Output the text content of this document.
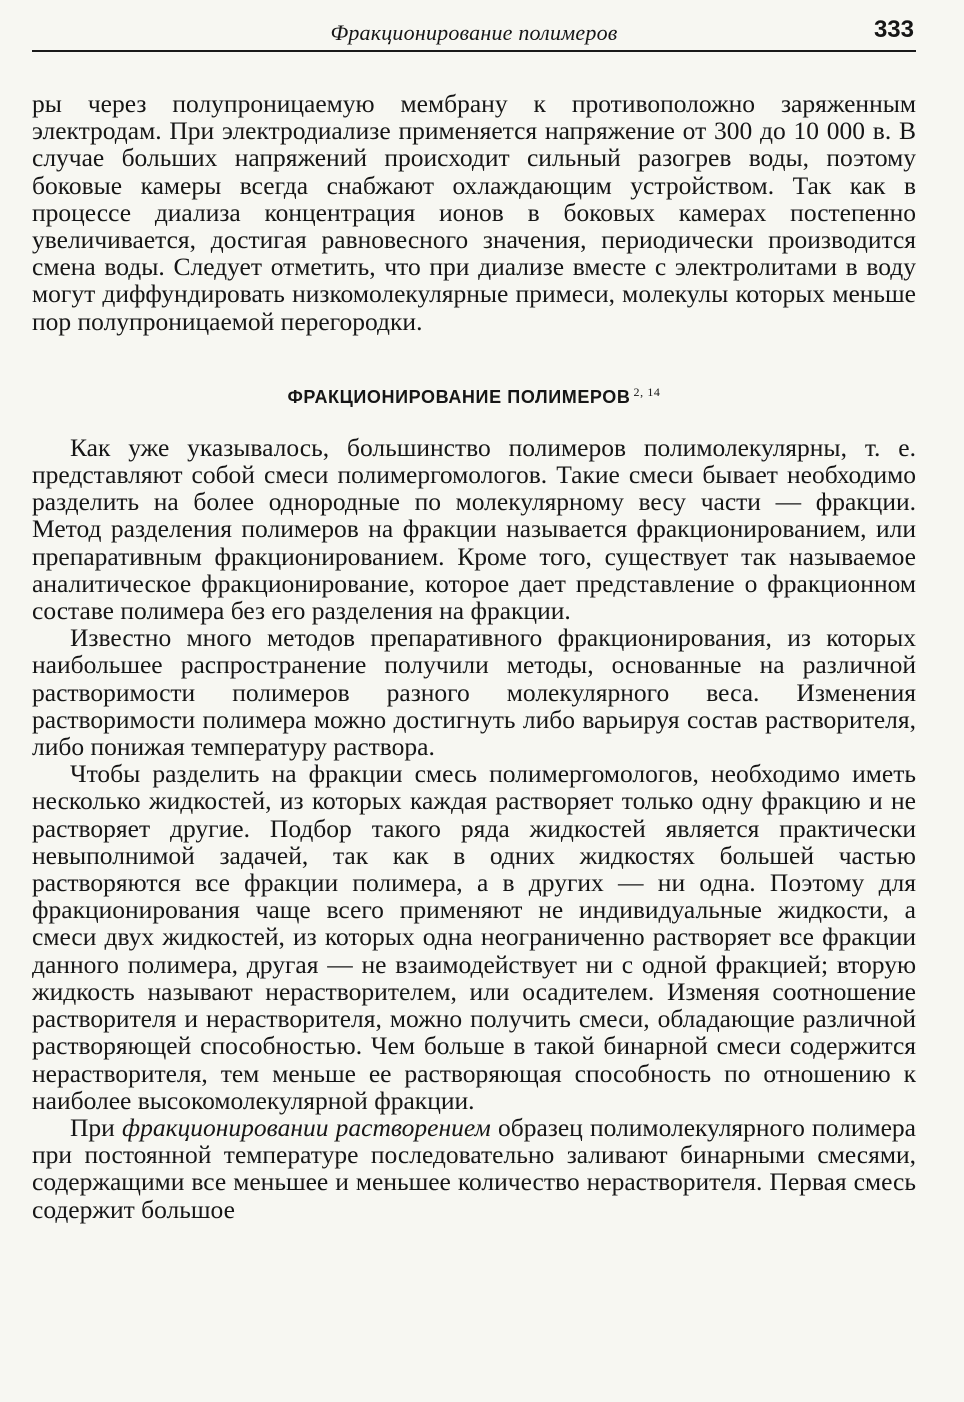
Фракционирование полимеров	333

ры через полупроницаемую мембрану к противоположно заряженным электродам. При электродиализе применяется напряжение от 300 до 10 000 в. В случае больших напряжений происходит сильный разогрев воды, поэтому боковые камеры всегда снабжают охлаждающим устройством. Так как в процессе диализа концентрация ионов в боковых камерах постепенно увеличивается, достигая равновесного значения, периодически производится смена воды. Следует отметить, что при диализе вместе с электролитами в воду могут диффундировать низкомолекулярные примеси, молекулы которых меньше пор полупроницаемой перегородки.

ФРАКЦИОНИРОВАНИЕ ПОЛИМЕРОВ $^{2, 14}$

Как уже указывалось, большинство полимеров полимолекулярны, т. е. представляют собой смеси полимергомологов. Такие смеси бывает необходимо разделить на более однородные по молекулярному весу части — фракции. Метод разделения полимеров на фракции называется фракционированием, или препаративным фракционированием. Кроме того, существует так называемое аналитическое фракционирование, которое дает представление о фракционном составе полимера без его разделения на фракции.

Известно много методов препаративного фракционирования, из которых наибольшее распространение получили методы, основанные на различной растворимости полимеров разного молекулярного веса. Изменения растворимости полимера можно достигнуть либо варьируя состав растворителя, либо понижая температуру раствора.

Чтобы разделить на фракции смесь полимергомологов, необходимо иметь несколько жидкостей, из которых каждая растворяет только одну фракцию и не растворяет другие. Подбор такого ряда жидкостей является практически невыполнимой задачей, так как в одних жидкостях большей частью растворяются все фракции полимера, а в других — ни одна. Поэтому для фракционирования чаще всего применяют не индивидуальные жидкости, а смеси двух жидкостей, из которых одна неограниченно растворяет все фракции данного полимера, другая — не взаимодействует ни с одной фракцией; вторую жидкость называют нерастворителем, или осадителем. Изменяя соотношение растворителя и нерастворителя, можно получить смеси, обладающие различной растворяющей способностью. Чем больше в такой бинарной смеси содержится нерастворителя, тем меньше ее растворяющая способность по отношению к наиболее высокомолекулярной фракции.

При фракционировании растворением образец полимолекулярного полимера при постоянной температуре последовательно заливают бинарными смесями, содержащими все меньшее и меньшее количество нерастворителя. Первая смесь содержит большое
